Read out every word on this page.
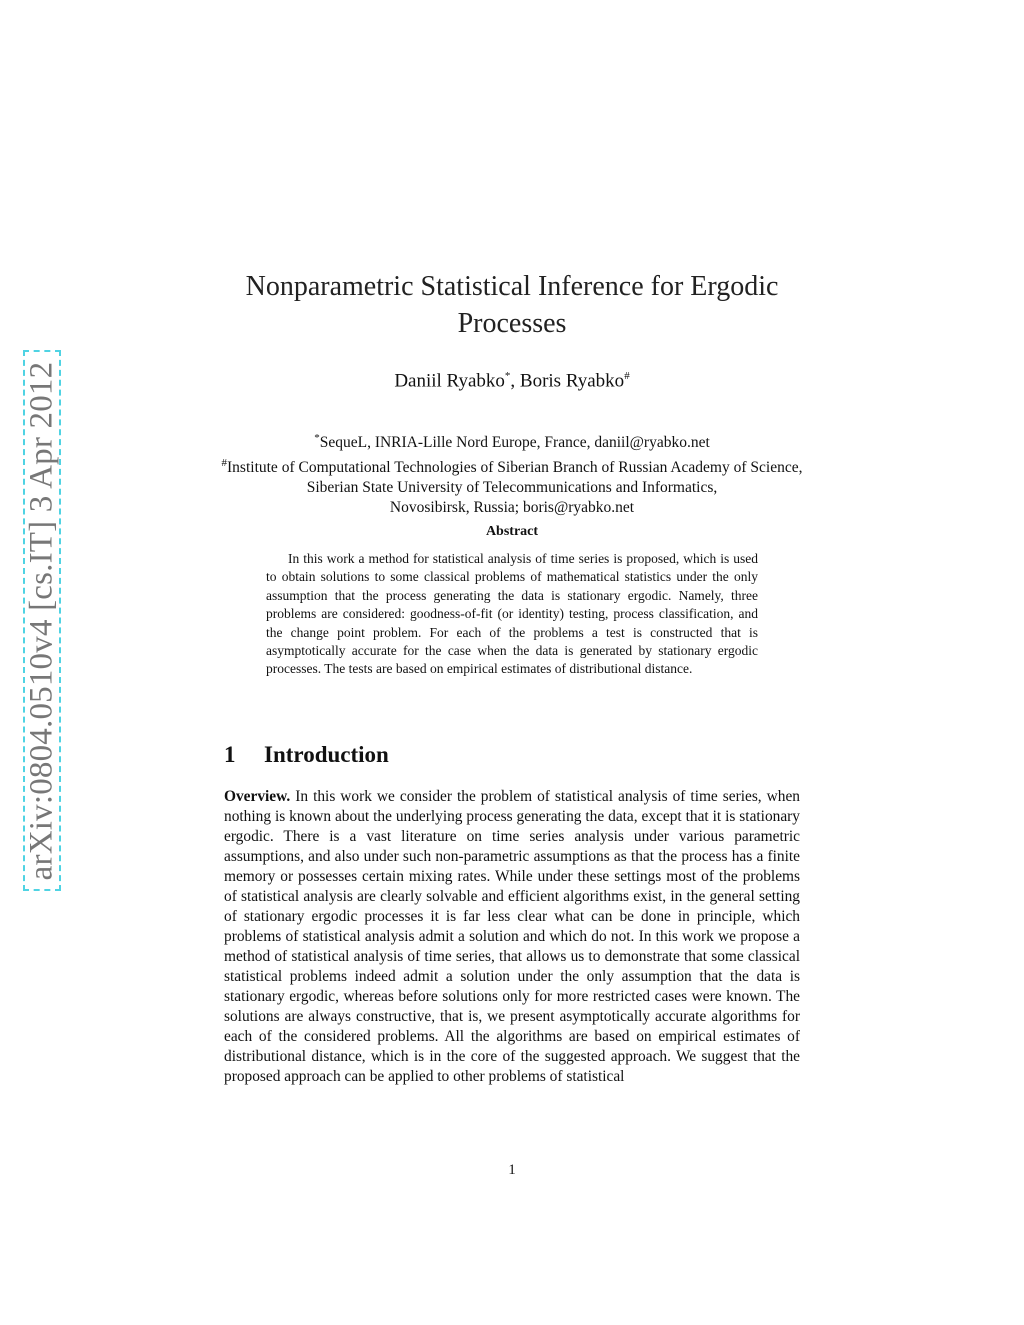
arXiv:0804.0510v4 [cs.IT] 3 Apr 2012
Nonparametric Statistical Inference for Ergodic Processes
Daniil Ryabko*, Boris Ryabko#
*SequeL, INRIA-Lille Nord Europe, France, daniil@ryabko.net
#Institute of Computational Technologies of Siberian Branch of Russian Academy of Science,
Siberian State University of Telecommunications and Informatics,
Novosibirsk, Russia; boris@ryabko.net
Abstract
In this work a method for statistical analysis of time series is proposed, which is used to obtain solutions to some classical problems of mathematical statistics under the only assumption that the process generating the data is stationary ergodic. Namely, three problems are considered: goodness-of-fit (or identity) testing, process classification, and the change point problem. For each of the problems a test is constructed that is asymptotically accurate for the case when the data is generated by stationary ergodic processes. The tests are based on empirical estimates of distributional distance.
1 Introduction
Overview. In this work we consider the problem of statistical analysis of time series, when nothing is known about the underlying process generating the data, except that it is stationary ergodic. There is a vast literature on time series analysis under various parametric assumptions, and also under such non-parametric assumptions as that the process has a finite memory or possesses certain mixing rates. While under these settings most of the problems of statistical analysis are clearly solvable and efficient algorithms exist, in the general setting of stationary ergodic processes it is far less clear what can be done in principle, which problems of statistical analysis admit a solution and which do not. In this work we propose a method of statistical analysis of time series, that allows us to demonstrate that some classical statistical problems indeed admit a solution under the only assumption that the data is stationary ergodic, whereas before solutions only for more restricted cases were known. The solutions are always constructive, that is, we present asymptotically accurate algorithms for each of the considered problems. All the algorithms are based on empirical estimates of distributional distance, which is in the core of the suggested approach. We suggest that the proposed approach can be applied to other problems of statistical
1
